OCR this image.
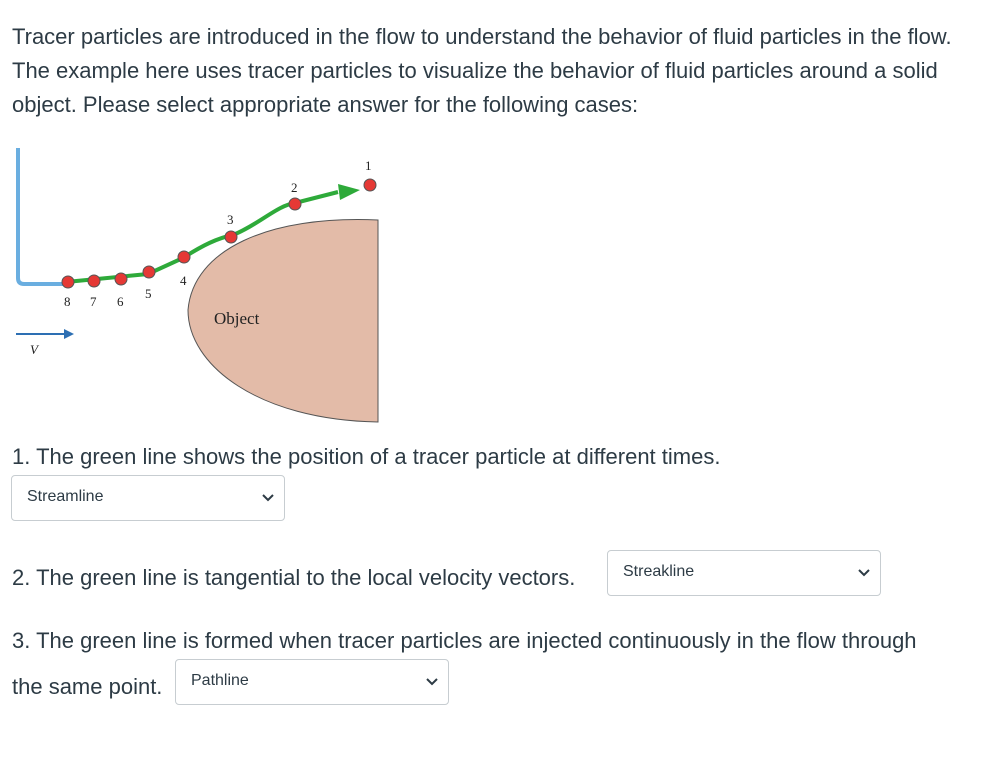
Tracer particles are introduced in the flow to understand the behavior of fluid particles in the flow. The example here uses tracer particles to visualize the behavior of fluid particles around a solid object. Please select appropriate answer for the following cases:

Object
1
2
3
4
5
6
7
8
V

1. The green line shows the position of a tracer particle at different times.

Streamline

2. The green line is tangential to the local velocity vectors.	Streakline

3. The green line is formed when tracer particles are injected continuously in the flow through

the same point. Pathline
